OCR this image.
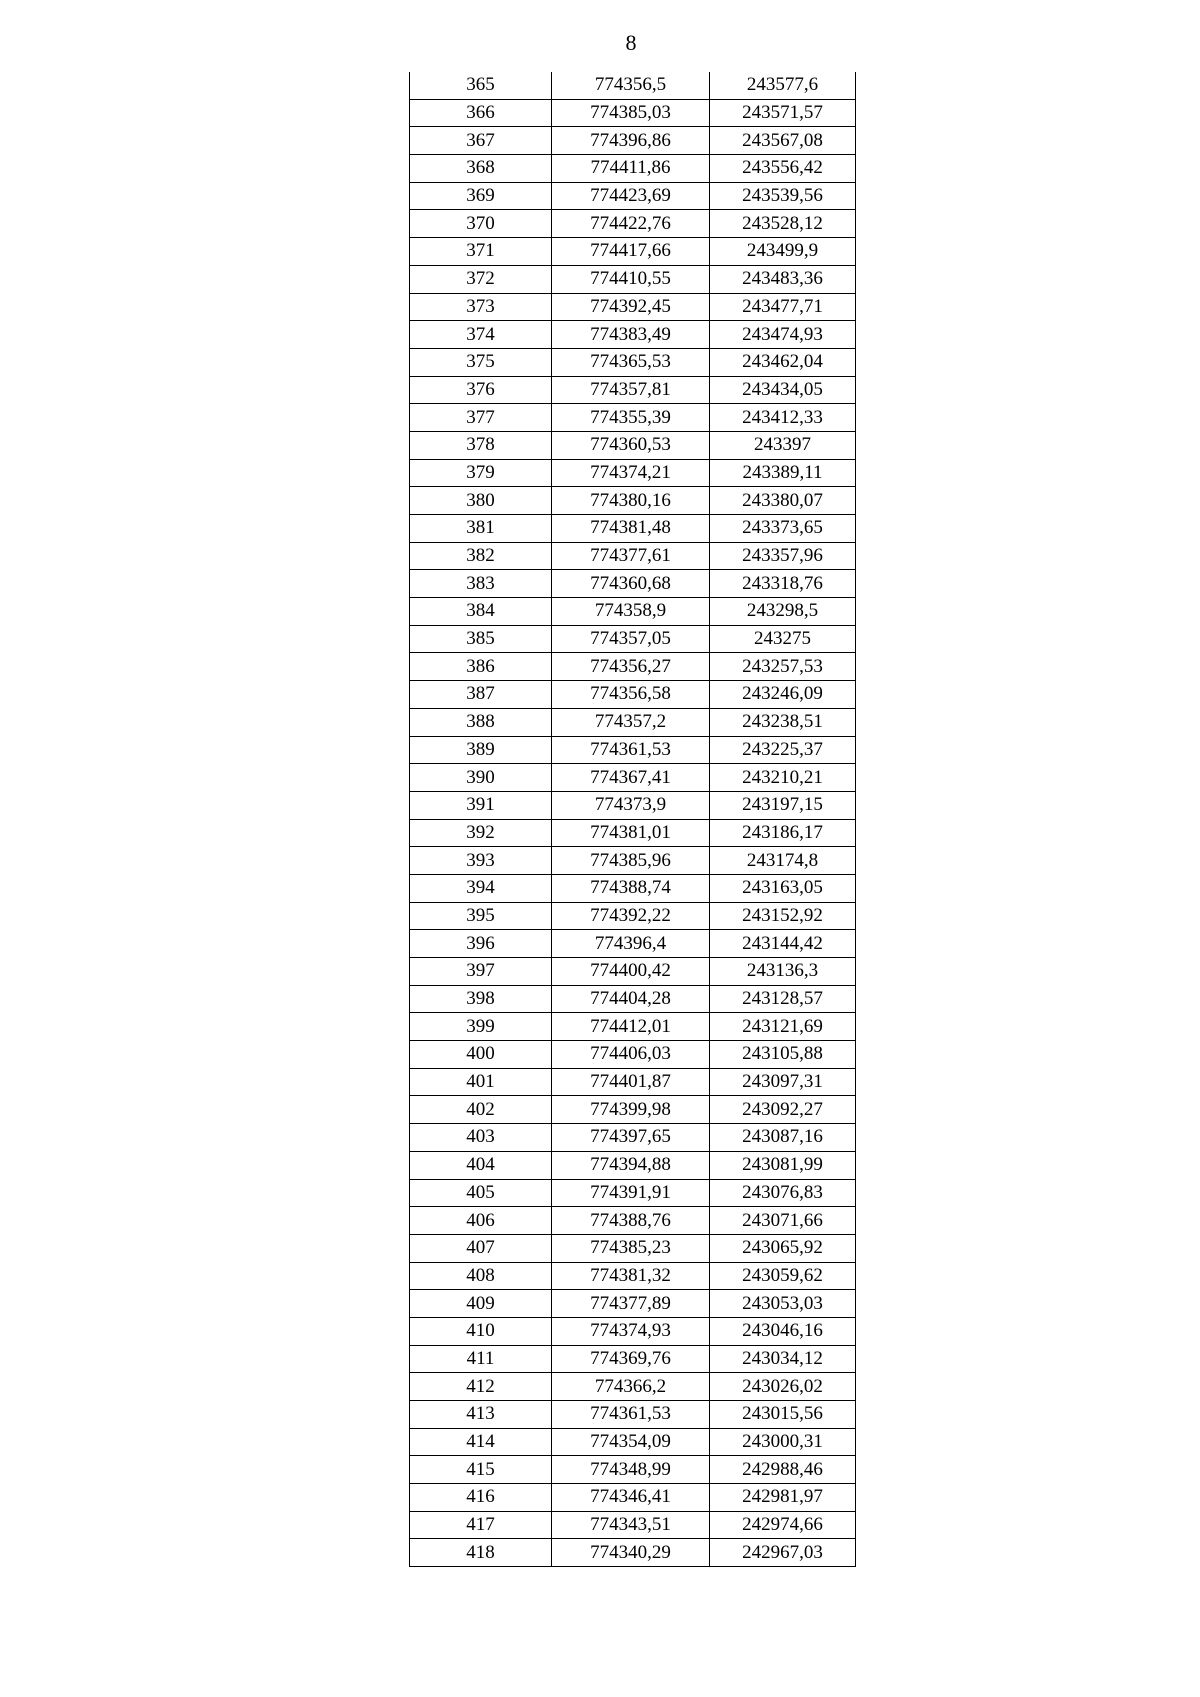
8
365	774356,5	243577,6
366	774385,03	243571,57
367	774396,86	243567,08
368	774411,86	243556,42
369	774423,69	243539,56
370	774422,76	243528,12
371	774417,66	243499,9
372	774410,55	243483,36
373	774392,45	243477,71
374	774383,49	243474,93
375	774365,53	243462,04
376	774357,81	243434,05
377	774355,39	243412,33
378	774360,53	243397
379	774374,21	243389,11
380	774380,16	243380,07
381	774381,48	243373,65
382	774377,61	243357,96
383	774360,68	243318,76
384	774358,9	243298,5
385	774357,05	243275
386	774356,27	243257,53
387	774356,58	243246,09
388	774357,2	243238,51
389	774361,53	243225,37
390	774367,41	243210,21
391	774373,9	243197,15
392	774381,01	243186,17
393	774385,96	243174,8
394	774388,74	243163,05
395	774392,22	243152,92
396	774396,4	243144,42
397	774400,42	243136,3
398	774404,28	243128,57
399	774412,01	243121,69
400	774406,03	243105,88
401	774401,87	243097,31
402	774399,98	243092,27
403	774397,65	243087,16
404	774394,88	243081,99
405	774391,91	243076,83
406	774388,76	243071,66
407	774385,23	243065,92
408	774381,32	243059,62
409	774377,89	243053,03
410	774374,93	243046,16
411	774369,76	243034,12
412	774366,2	243026,02
413	774361,53	243015,56
414	774354,09	243000,31
415	774348,99	242988,46
416	774346,41	242981,97
417	774343,51	242974,66
418	774340,29	242967,03
